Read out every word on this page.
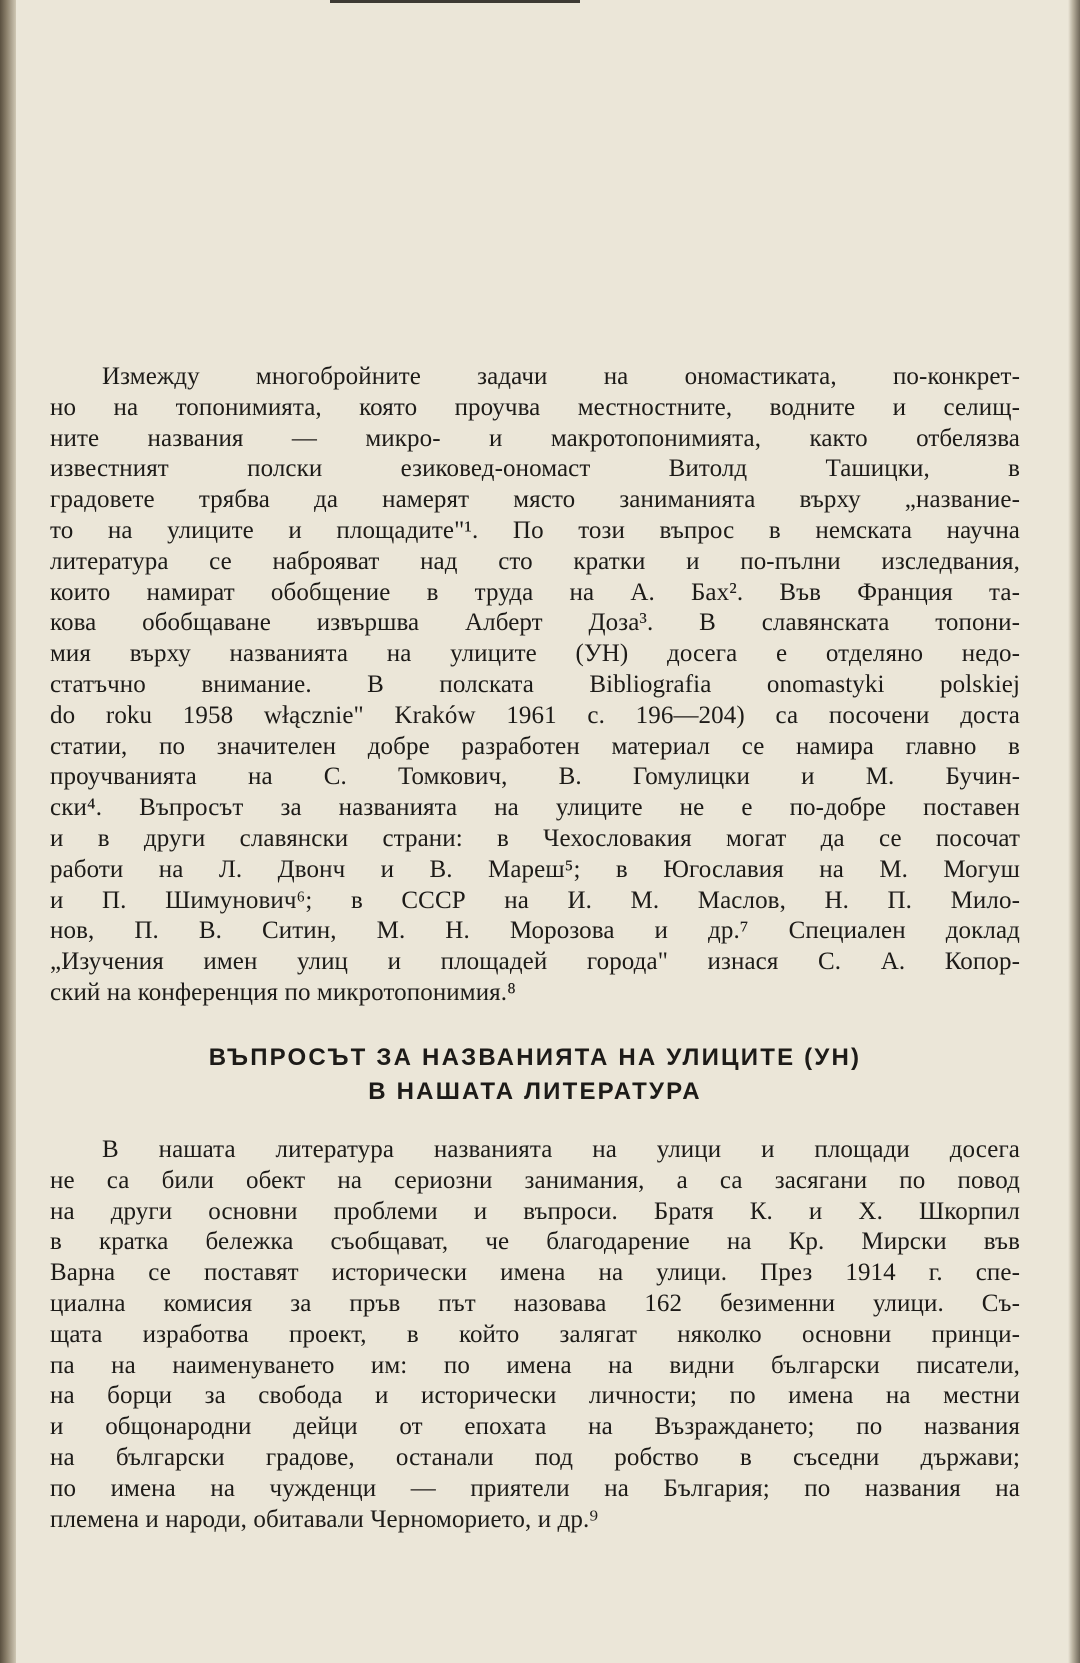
Измежду многобройните задачи на ономастиката, по-конкрет-
но на топонимията, която проучва местностните, водните и селищ-
ните названия — микро- и макротопонимията, както отбелязва
известният полски езиковед-ономаст Витолд Ташицки, в
градовете трябва да намерят място заниманията върху „название-
то на улиците и площадите"¹. По този въпрос в немската научна
литература се наброяват над сто кратки и по-пълни изследвания,
които намират обобщение в труда на А. Бах². Във Франция та-
кова обобщаване извършва Алберт Доза³. В славянската топони-
мия върху названията на улиците (УН) досега е отделяно недо-
статъчно внимание. В полската Bibliografia onomastyki polskiej
do roku 1958 włącznie" Kraków 1961 с. 196—204) са посочени доста
статии, по значителен добре разработен материал се намира главно в
проучванията на С. Томкович, В. Гомулицки и М. Бучин-
ски⁴. Въпросът за названията на улиците не е по-добре поставен
и в други славянски страни: в Чехословакия могат да се посочат
работи на Л. Двонч и В. Мареш⁵; в Югославия на М. Могуш
и П. Шимунович⁶; в СССР на И. М. Маслов, Н. П. Мило-
нов, П. В. Ситин, М. Н. Морозова и др.⁷ Специален доклад
„Изучения имен улиц и площадей города" изнася С. А. Копор-
ский на конференция по микротопонимия.⁸
ВЪПРОСЪТ ЗА НАЗВАНИЯТА НА УЛИЦИТЕ (УН)
В НАШАТА ЛИТЕРАТУРА
В нашата литература названията на улици и площади досега
не са били обект на сериозни занимания, а са засягани по повод
на други основни проблеми и въпроси. Братя К. и Х. Шкорпил
в кратка бележка съобщават, че благодарение на Кр. Мирски във
Варна се поставят исторически имена на улици. През 1914 г. спе-
циална комисия за пръв път назовава 162 безименни улици. Съ-
щата изработва проект, в който залягат няколко основни принци-
па на наименуването им: по имена на видни български писатели,
на борци за свобода и исторически личности; по имена на местни
и общонародни дейци от епохата на Възраждането; по названия
на български градове, останали под робство в съседни държави;
по имена на чужденци — приятели на България; по названия на
племена и народи, обитавали Черноморието, и др.⁹
